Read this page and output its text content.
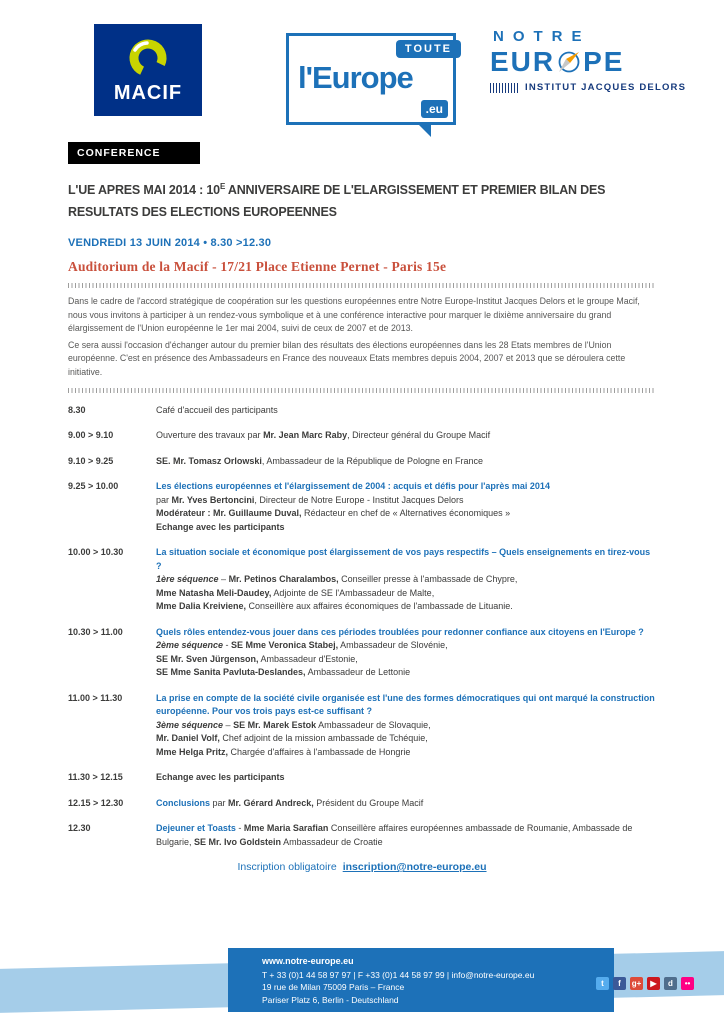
MACIF
TOUTE
l'Europe
.eu
NOTRE
EUR PE
INSTITUT JACQUES DELORS
CONFERENCE
L'UE APRES MAI 2014 : $10^E$ ANNIVERSAIRE DE L'ELARGISSEMENT ET PREMIER BILAN DES RESULTATS DES ELECTIONS EUROPEENNES
VENDREDI 13 JUIN 2014 • 8.30 >12.30
Auditorium de la Macif - 17/21 Place Etienne Pernet - Paris 15e

Dans le cadre de l'accord stratégique de coopération sur les questions européennes entre Notre Europe-Institut Jacques Delors et le groupe Macif, nous vous invitons à participer à un rendez-vous symbolique et à une conférence interactive pour marquer le dixième anniversaire du grand élargissement de l'Union européenne le 1er mai 2004, suivi de ceux de 2007 et de 2013.

Ce sera aussi l'occasion d'échanger autour du premier bilan des résultats des élections européennes dans les 28 Etats membres de l'Union européenne. C'est en présence des Ambassadeurs en France des nouveaux Etats membres depuis 2004, 2007 et 2013 que se déroulera cette initiative.

8.30	Café d'accueil des participants
9.00 > 9.10	Ouverture des travaux par Mr. Jean Marc Raby, Directeur général du Groupe Macif
9.10 > 9.25	SE. Mr. Tomasz Orlowski, Ambassadeur de la République de Pologne en France
9.25 > 10.00	Les élections européennes et l'élargissement de 2004 : acquis et défis pour l'après mai 2014
par Mr. Yves Bertoncini, Directeur de Notre Europe - Institut Jacques Delors
Modérateur : Mr. Guillaume Duval, Rédacteur en chef de « Alternatives économiques »
Echange avec les participants
10.00 > 10.30	La situation sociale et économique post élargissement de vos pays respectifs – Quels enseignements en tirez-vous ?
1ère séquence – Mr. Petinos Charalambos, Conseiller presse à l'ambassade de Chypre,
Mme Natasha Meli-Daudey, Adjointe de SE l'Ambassadeur de Malte,
Mme Dalia Kreiviene, Conseillère aux affaires économiques de l'ambassade de Lituanie.
10.30 > 11.00	Quels rôles entendez-vous jouer dans ces périodes troublées pour redonner confiance aux citoyens en l'Europe ?
2ème séquence - SE Mme Veronica Stabej, Ambassadeur de Slovénie,
SE Mr. Sven Jürgenson, Ambassadeur d'Estonie,
SE Mme Sanita Pavluta-Deslandes, Ambassadeur de Lettonie
11.00 > 11.30	La prise en compte de la société civile organisée est l'une des formes démocratiques qui ont marqué la construction européenne. Pour vos trois pays est-ce suffisant ?
3ème séquence – SE Mr. Marek Estok Ambassadeur de Slovaquie,
Mr. Daniel Volf, Chef adjoint de la mission ambassade de Tchéquie,
Mme Helga Pritz, Chargée d'affaires à l'ambassade de Hongrie
11.30 > 12.15	Echange avec les participants
12.15 > 12.30	Conclusions par Mr. Gérard Andreck, Président du Groupe Macif
12.30	Dejeuner et Toasts - Mme Maria Sarafian Conseillère affaires européennes ambassade de Roumanie, Ambassade de Bulgarie, SE Mr. Ivo Goldstein Ambassadeur de Croatie
Inscription obligatoire inscription@notre-europe.eu
www.notre-europe.eu
T + 33 (0)1 44 58 97 97 | F +33 (0)1 44 58 97 99 | info@notre-europe.eu
19 rue de Milan 75009 Paris – France
Pariser Platz 6, Berlin - Deutschland
t	f	g+	▶	d	••
